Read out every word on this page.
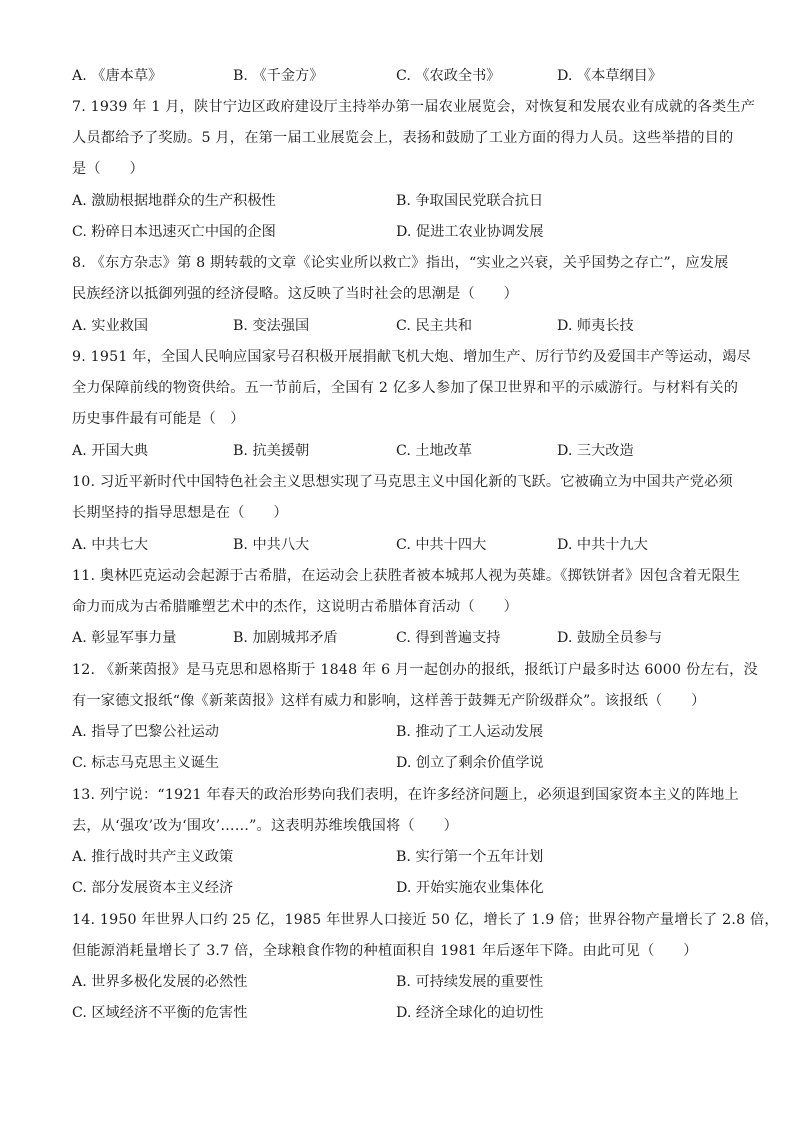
A. 《唐本草》	B. 《千金方》	C. 《农政全书》	D. 《本草纲目》
7. 1939 年 1 月，陕甘宁边区政府建设厅主持举办第一届农业展览会，对恢复和发展农业有成就的各类生产
人员都给予了奖励。5 月，在第一届工业展览会上，表扬和鼓励了工业方面的得力人员。这些举措的目的
是（　　）
A. 激励根据地群众的生产积极性	B. 争取国民党联合抗日
C. 粉碎日本迅速灭亡中国的企图	D. 促进工农业协调发展
8. 《东方杂志》第 8 期转载的文章《论实业所以救亡》指出，“实业之兴衰，关乎国势之存亡”，应发展
民族经济以抵御列强的经济侵略。这反映了当时社会的思潮是（　　）
A. 实业救国	B. 变法强国	C. 民主共和	D. 师夷长技
9. 1951 年，全国人民响应国家号召积极开展捐献飞机大炮、增加生产、厉行节约及爱国丰产等运动，竭尽
全力保障前线的物资供给。五一节前后，全国有 2 亿多人参加了保卫世界和平的示威游行。与材料有关的
历史事件最有可能是（　）
A. 开国大典	B. 抗美援朝	C. 土地改革	D. 三大改造
10. 习近平新时代中国特色社会主义思想实现了马克思主义中国化新的飞跃。它被确立为中国共产党必须
长期坚持的指导思想是在（　　）
A. 中共七大	B. 中共八大	C. 中共十四大	D. 中共十九大
11. 奥林匹克运动会起源于古希腊，在运动会上获胜者被本城邦人视为英雄。《掷铁饼者》因包含着无限生
命力而成为古希腊雕塑艺术中的杰作，这说明古希腊体育活动（　　）
A. 彰显军事力量	B. 加剧城邦矛盾	C. 得到普遍支持	D. 鼓励全员参与
12. 《新莱茵报》是马克思和恩格斯于 1848 年 6 月一起创办的报纸，报纸订户最多时达 6000 份左右，没
有一家德文报纸“像《新莱茵报》这样有威力和影响，这样善于鼓舞无产阶级群众”。该报纸（　　）
A. 指导了巴黎公社运动	B. 推动了工人运动发展
C. 标志马克思主义诞生	D. 创立了剩余价值学说
13. 列宁说：“1921 年春天的政治形势向我们表明，在许多经济问题上，必须退到国家资本主义的阵地上
去，从‘强攻’改为‘围攻’……”。这表明苏维埃俄国将（　　）
A. 推行战时共产主义政策	B. 实行第一个五年计划
C. 部分发展资本主义经济	D. 开始实施农业集体化
14. 1950 年世界人口约 25 亿，1985 年世界人口接近 50 亿，增长了 1.9 倍；世界谷物产量增长了 2.8 倍，
但能源消耗量增长了 3.7 倍，全球粮食作物的种植面积自 1981 年后逐年下降。由此可见（　　）
A. 世界多极化发展的必然性	B. 可持续发展的重要性
C. 区域经济不平衡的危害性	D. 经济全球化的迫切性
